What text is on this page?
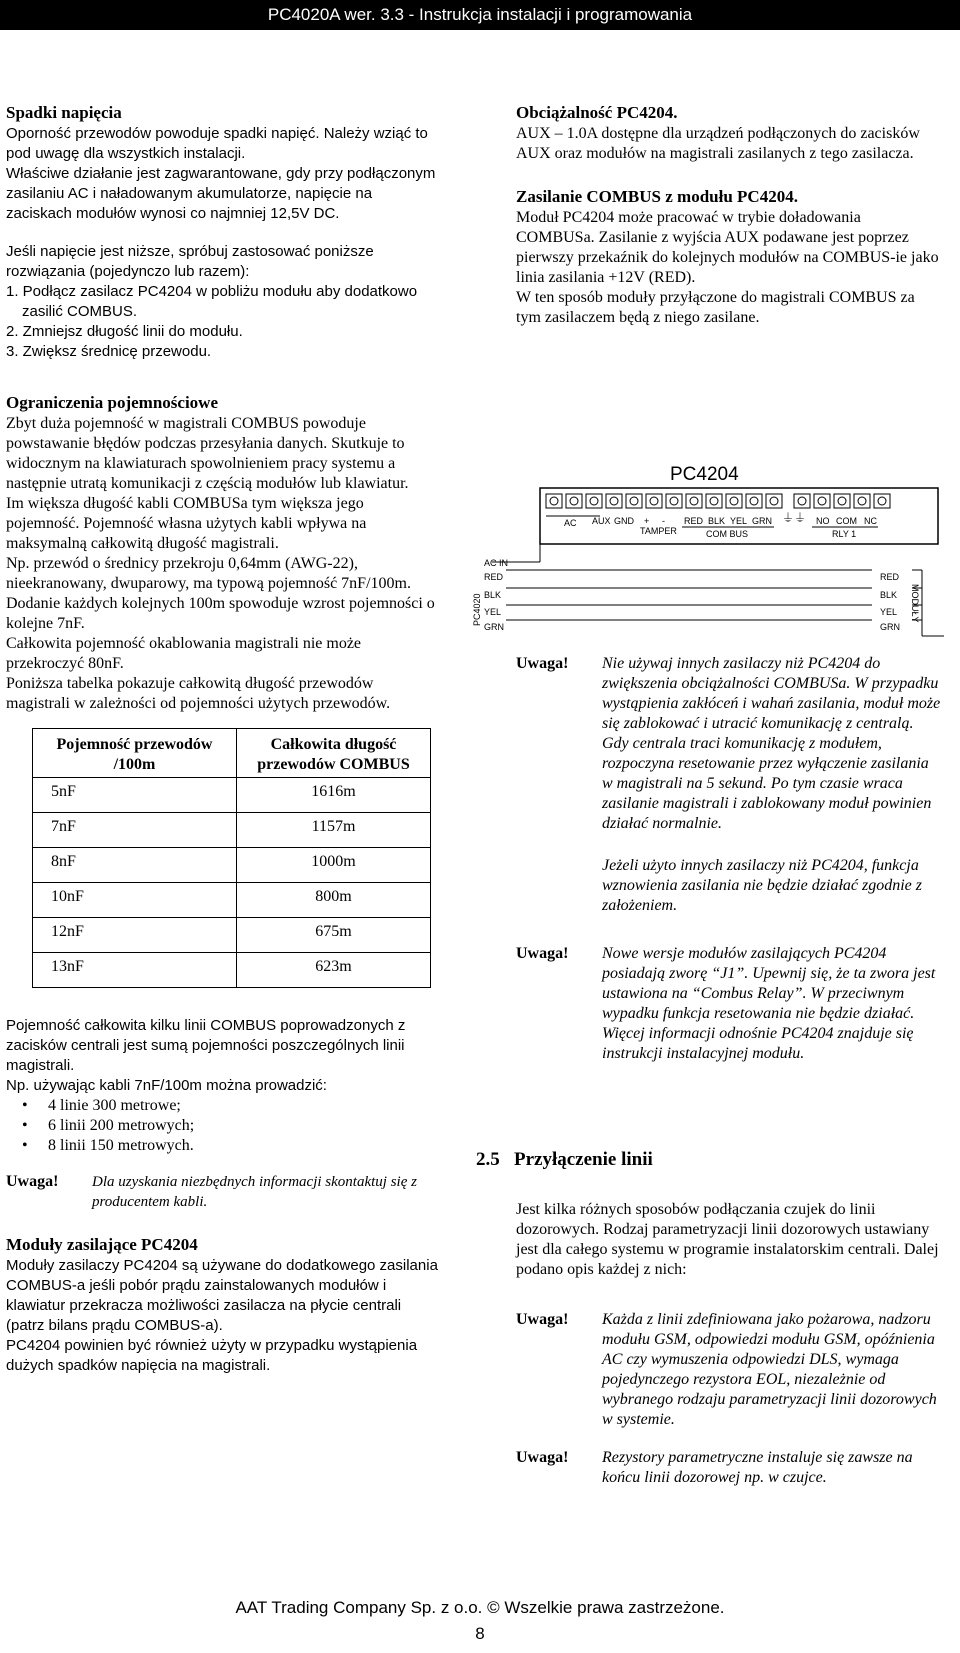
PC4020A wer. 3.3 - Instrukcja instalacji i programowania
Spadki napięcia

Oporność przewodów powoduje spadki napięć. Należy wziąć to pod uwagę dla wszystkich instalacji.

Właściwe działanie jest zagwarantowane, gdy przy podłączonym zasilaniu AC i naładowanym akumulatorze, napięcie na zaciskach modułów wynosi co najmniej 12,5V DC.

Jeśli napięcie jest niższe, spróbuj zastosować poniższe rozwiązania (pojedynczo lub razem):

1. Podłącz zasilacz PC4204 w pobliżu modułu aby dodatkowo zasilić COMBUS.
2. Zmniejsz długość linii do modułu.
3. Zwiększ średnicę przewodu.
Ograniczenia pojemnościowe

Zbyt duża pojemność w magistrali COMBUS powoduje powstawanie błędów podczas przesyłania danych. Skutkuje to widocznym na klawiaturach spowolnieniem pracy systemu a następnie utratą komunikacji z częścią modułów lub klawiatur.

Im większa długość kabli COMBUSa tym większa jego pojemność. Pojemność własna użytych kabli wpływa na maksymalną całkowitą długość magistrali.

Np. przewód o średnicy przekroju 0,64mm (AWG-22), nieekranowany, dwuparowy, ma typową pojemność 7nF/100m. Dodanie każdych kolejnych 100m spowoduje wzrost pojemności o kolejne 7nF.

Całkowita pojemność okablowania magistrali nie może przekroczyć 80nF.

Poniższa tabelka pokazuje całkowitą długość przewodów magistrali w zależności od pojemności użytych przewodów.

Pojemność przewodów /100m	Całkowita długość przewodów COMBUS
5nF	1616m
7nF	1157m
8nF	1000m
10nF	800m
12nF	675m
13nF	623m

Pojemność całkowita kilku linii COMBUS poprowadzonych z zacisków centrali jest sumą pojemności poszczególnych linii magistrali.

Np. używając kabli 7nF/100m można prowadzić:

• 4 linie 300 metrowe;
• 6 linii 200 metrowych;
• 8 linii 150 metrowych.
Uwaga!	Dla uzyskania niezbędnych informacji skontaktuj się z producentem kabli.
Moduły zasilające PC4204

Moduły zasilaczy PC4204 są używane do dodatkowego zasilania COMBUS-a jeśli pobór prądu zainstalowanych modułów i klawiatur przekracza możliwości zasilacza na płycie centrali (patrz bilans prądu COMBUS-a).

PC4204 powinien być również użyty w przypadku wystąpienia dużych spadków napięcia na magistrali.

Obciążalność PC4204.

AUX – 1.0A dostępne dla urządzeń podłączonych do zacisków AUX oraz modułów na magistrali zasilanych z tego zasilacza.

Zasilanie COMBUS z modułu PC4204.

Moduł PC4204 może pracować w trybie doładowania COMBUSa. Zasilanie z wyjścia AUX podawane jest poprzez pierwszy przekaźnik do kolejnych modułów na COMBUS-ie jako linia zasilania +12V (RED).

W ten sposób moduły przyłączone do magistrali COMBUS za tym zasilaczem będą z niego zasilane.

PC4204
AC AUX GND + -
TAMPER
RED BLK YEL GRN
COM BUS
⏚⏚ NO COM NC
RLY 1
AC IN
RED
BLK
YEL
GRN
PC4020
RED
BLK
YEL
GRN
MODUŁY
Uwaga!	Nie używaj innych zasilaczy niż PC4204 do zwiększenia obciążalności COMBUSa. W przypadku wystąpienia zakłóceń i wahań zasilania, moduł może się zablokować i utracić komunikację z centralą. Gdy centrala traci komunikację z modułem, rozpoczyna resetowanie przez wyłączenie zasilania w magistrali na 5 sekund. Po tym czasie wraca zasilanie magistrali i zablokowany moduł powinien działać normalnie.
Jeżeli użyto innych zasilaczy niż PC4204, funkcja wznowienia zasilania nie będzie działać zgodnie z założeniem.
Uwaga!	Nowe wersje modułów zasilających PC4204 posiadają zworę “J1”. Upewnij się, że ta zwora jest ustawiona na “Combus Relay”. W przeciwnym wypadku funkcja resetowania nie będzie działać. Więcej informacji odnośnie PC4204 znajduje się instrukcji instalacyjnej modułu.
2.5 Przyłączenie linii

Jest kilka różnych sposobów podłączania czujek do linii dozorowych. Rodzaj parametryzacji linii dozorowych ustawiany jest dla całego systemu w programie instalatorskim centrali. Dalej podano opis każdej z nich:

Uwaga!	Każda z linii zdefiniowana jako pożarowa, nadzoru modułu GSM, odpowiedzi modułu GSM, opóźnienia AC czy wymuszenia odpowiedzi DLS, wymaga pojedynczego rezystora EOL, niezależnie od wybranego rodzaju parametryzacji linii dozorowych w systemie.
Uwaga!	Rezystory parametryczne instaluje się zawsze na końcu linii dozorowej np. w czujce.
AAT Trading Company Sp. z o.o. © Wszelkie prawa zastrzeżone.
8
